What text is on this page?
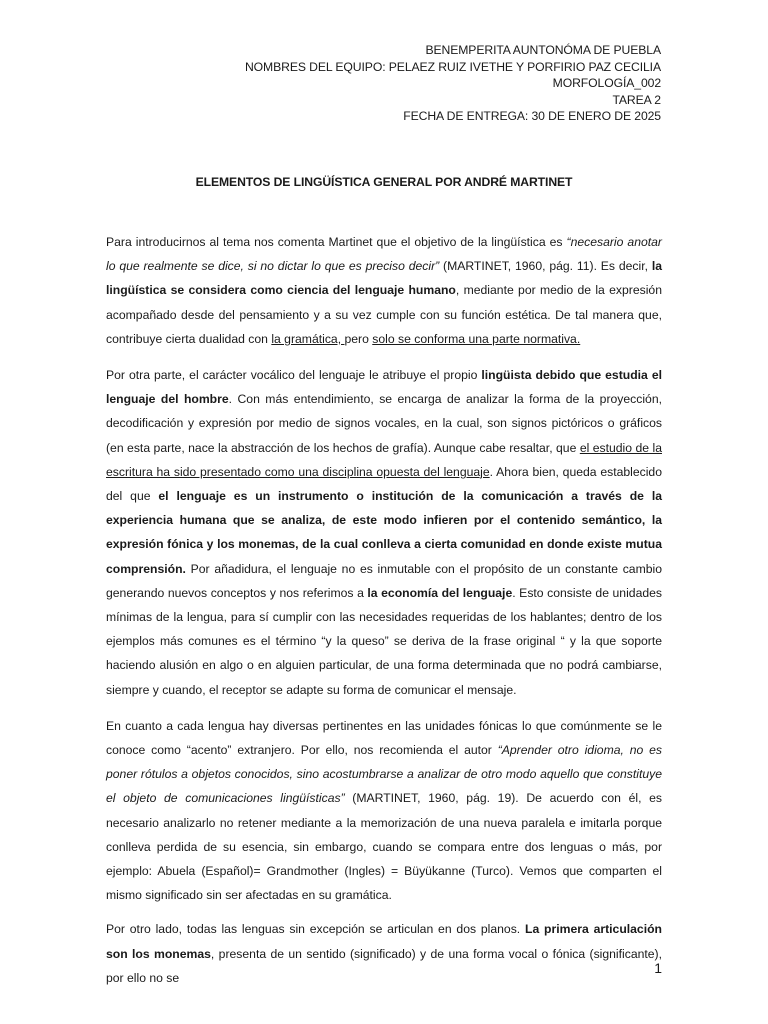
BENEMPERITA AUNTONÓMA DE PUEBLA
NOMBRES DEL EQUIPO: PELAEZ RUIZ IVETHE Y PORFIRIO PAZ CECILIA
MORFOLOGÍA_002
TAREA 2
FECHA DE ENTREGA: 30 DE ENERO DE 2025
ELEMENTOS DE LINGÜÍSTICA GENERAL POR ANDRÉ MARTINET

Para introducirnos al tema nos comenta Martinet que el objetivo de la lingüística es “necesario anotar lo que realmente se dice, si no dictar lo que es preciso decir” (MARTINET, 1960, pág. 11). Es decir, la lingüística se considera como ciencia del lenguaje humano, mediante por medio de la expresión acompañado desde del pensamiento y a su vez cumple con su función estética. De tal manera que, contribuye cierta dualidad con la gramática, pero solo se conforma una parte normativa.

Por otra parte, el carácter vocálico del lenguaje le atribuye el propio lingüista debido que estudia el lenguaje del hombre. Con más entendimiento, se encarga de analizar la forma de la proyección, decodificación y expresión por medio de signos vocales, en la cual, son signos pictóricos o gráficos (en esta parte, nace la abstracción de los hechos de grafía). Aunque cabe resaltar, que el estudio de la escritura ha sido presentado como una disciplina opuesta del lenguaje. Ahora bien, queda establecido del que el lenguaje es un instrumento o institución de la comunicación a través de la experiencia humana que se analiza, de este modo infieren por el contenido semántico, la expresión fónica y los monemas, de la cual conlleva a cierta comunidad en donde existe mutua comprensión. Por añadidura, el lenguaje no es inmutable con el propósito de un constante cambio generando nuevos conceptos y nos referimos a la economía del lenguaje. Esto consiste de unidades mínimas de la lengua, para sí cumplir con las necesidades requeridas de los hablantes; dentro de los ejemplos más comunes es el término “y la queso” se deriva de la frase original “ y la que soporte haciendo alusión en algo o en alguien particular, de una forma determinada que no podrá cambiarse, siempre y cuando, el receptor se adapte su forma de comunicar el mensaje.

En cuanto a cada lengua hay diversas pertinentes en las unidades fónicas lo que comúnmente se le conoce como “acento” extranjero. Por ello, nos recomienda el autor “Aprender otro idioma, no es poner rótulos a objetos conocidos, sino acostumbrarse a analizar de otro modo aquello que constituye el objeto de comunicaciones lingüísticas” (MARTINET, 1960, pág. 19). De acuerdo con él, es necesario analizarlo no retener mediante a la memorización de una nueva paralela e imitarla porque conlleva perdida de su esencia, sin embargo, cuando se compara entre dos lenguas o más, por ejemplo: Abuela (Español)= Grandmother (Ingles) = Büyükanne (Turco). Vemos que comparten el mismo significado sin ser afectadas en su gramática.

Por otro lado, todas las lenguas sin excepción se articulan en dos planos. La primera articulación son los monemas, presenta de un sentido (significado) y de una forma vocal o fónica (significante), por ello no se

1
